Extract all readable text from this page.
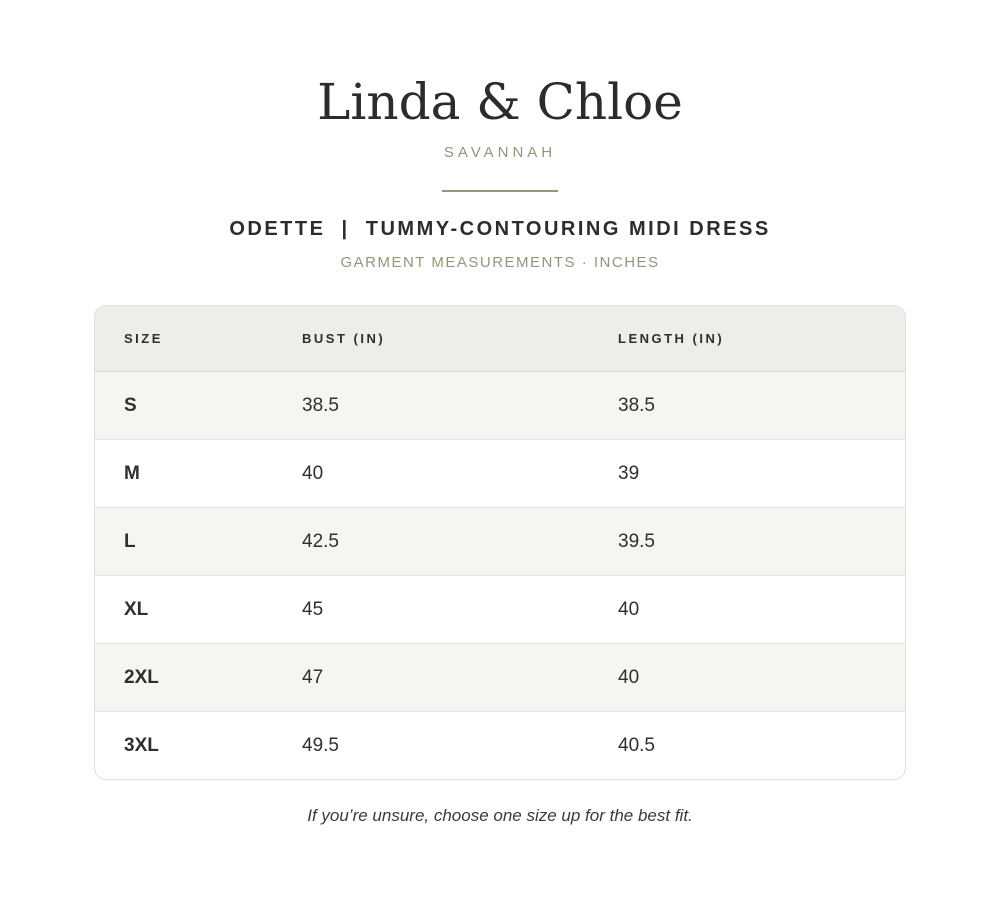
Linda & Chloe
SAVANNAH
ODETTE  |  TUMMY-CONTOURING MIDI DRESS
GARMENT MEASUREMENTS · INCHES
SIZE	BUST (IN)	LENGTH (IN)
S	38.5	38.5
M	40	39
L	42.5	39.5
XL	45	40
2XL	47	40
3XL	49.5	40.5
If you’re unsure, choose one size up for the best fit.
